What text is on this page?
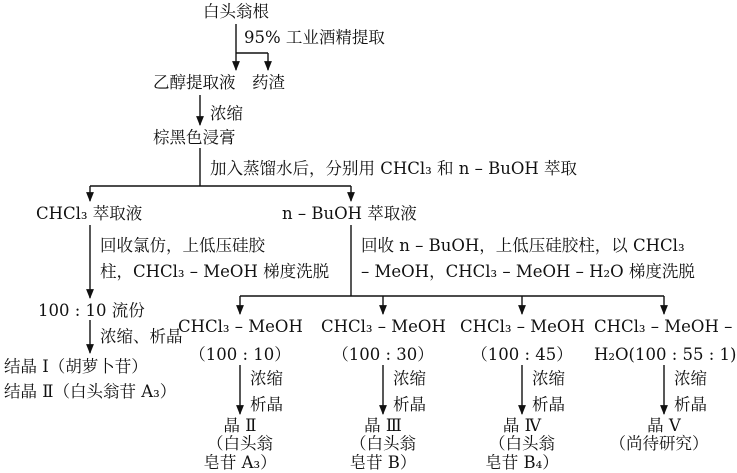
白头翁根
95% 工业酒精提取
乙醇提取液 药渣
浓缩
棕黑色浸膏
加入蒸馏水后，分别用 CHCl₃ 和 n – BuOH 萃取
CHCl₃ 萃取液
回收氯仿，上低压硅胶
柱，CHCl₃ – MeOH 梯度洗脱
100 : 10 流份
浓缩、析晶
结晶 Ⅰ（胡萝卜苷）
结晶 Ⅱ（白头翁苷 A₃）
n – BuOH 萃取液
回收 n – BuOH，上低压硅胶柱，以 CHCl₃
– MeOH，CHCl₃ – MeOH – H₂O 梯度洗脱
CHCl₃ – MeOH
（100 : 10）
浓缩
析晶
晶 Ⅱ
（白头翁
皂苷 A₃）
CHCl₃ – MeOH
（100 : 30）
浓缩
析晶
晶 Ⅲ
（白头翁
皂苷 B）
CHCl₃ – MeOH
（100 : 45）
浓缩
析晶
晶 Ⅳ
（白头翁
皂苷 B₄）
CHCl₃ – MeOH –
H₂O(100 : 55 : 1)
浓缩
析晶
晶 Ⅴ
（尚待研究）
